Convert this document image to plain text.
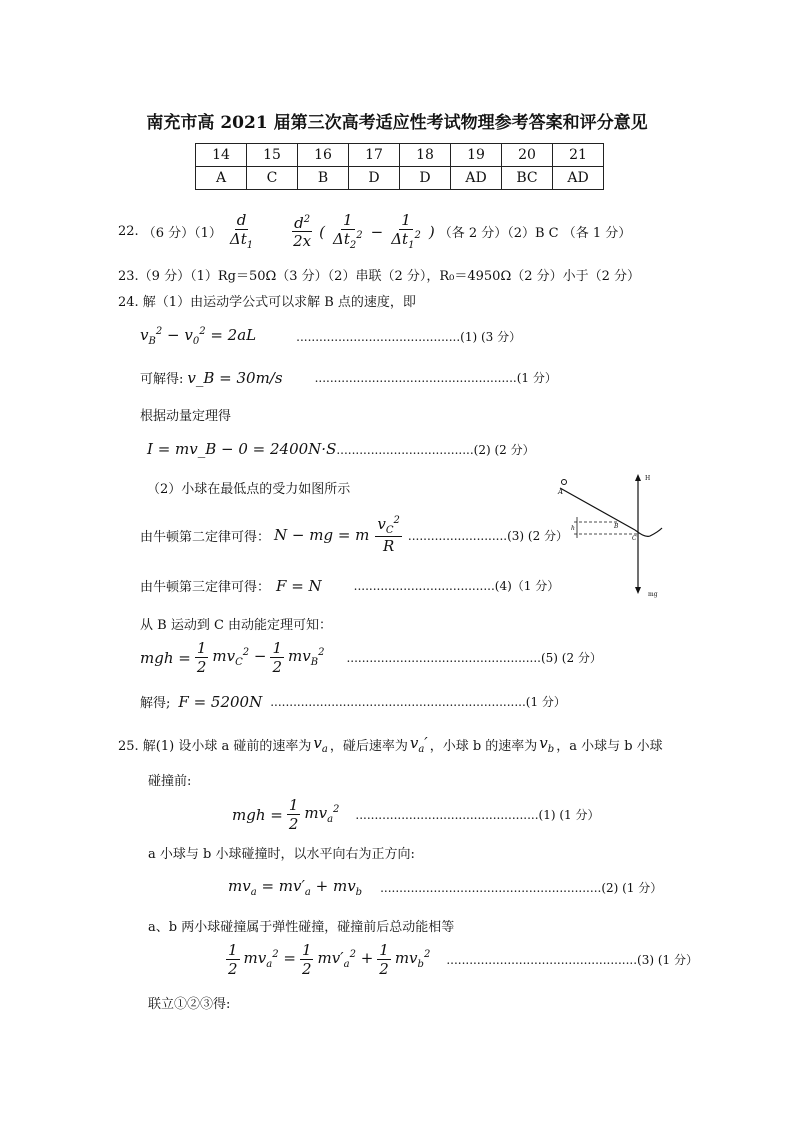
南充市高 2021 届第三次高考适应性考试物理参考答案和评分意见
14	15	16	17	18	19	20	21
A	C	B	D	D	AD	BC	AD
22. （6 分）$(1) \frac{d}{\Delta t_1} \frac{d^2}{2x}$ ( $\frac{1}{\Delta t_2^2} - \frac{1}{\Delta t_1^2}$ ) （各 2 分）（2）B C （各 1 分）
23.（9 分）（1）Rg＝50Ω（3 分）（2）串联（2 分），R₀＝4950Ω（2 分）小于（2 分）
24. 解（1）由运动学公式可以求解 B 点的速度，即
$v_B^2 - v_0^2 = 2aL$	...........................................(1) (3 分）
可解得: v_B = 30m/s	.....................................................(1 分）
根据动量定理得
I = mv_B − 0 = 2400N·S ....................................(2) (2 分）
（2）小球在最低点的受力如图所示
由牛顿第二定律可得： N − mg = m $\frac{v_C^2}{R} ..........................(3)$ (2 分）
由牛顿第三定律可得： F = N	.....................................(4)（1 分）
从 B 运动到 C 由动能定理可知：
mgh = $\frac{1}{2} mv_C^2 - \frac{1}{2} mv_B^2$ ...................................................(5) (2 分）
解得; F = 5200N ...................................................................(1 分）
A
B
C
h
H
mg
25. 解(1) 设小球 a 碰前的速率为 $v_a$ ，碰后速率为 $v_a'$ ，小球 b 的速率为 $v_b$ ，a 小球与 b 小球
碰撞前:
mgh = $\frac{1}{2} mv_a^2$ ................................................(1) (1 分）
a 小球与 b 小球碰撞时，以水平向右为正方向:
$mv_a = mv'_a + mv_b$ ..........................................................(2) (1 分）
a、b 两小球碰撞属于弹性碰撞，碰撞前后总动能相等
$\frac{1}{2} mv_a^2 = \frac{1}{2} mv'_a^2 + \frac{1}{2} mv_b^2$ ..................................................(3) (1 分）
联立①②③得:
